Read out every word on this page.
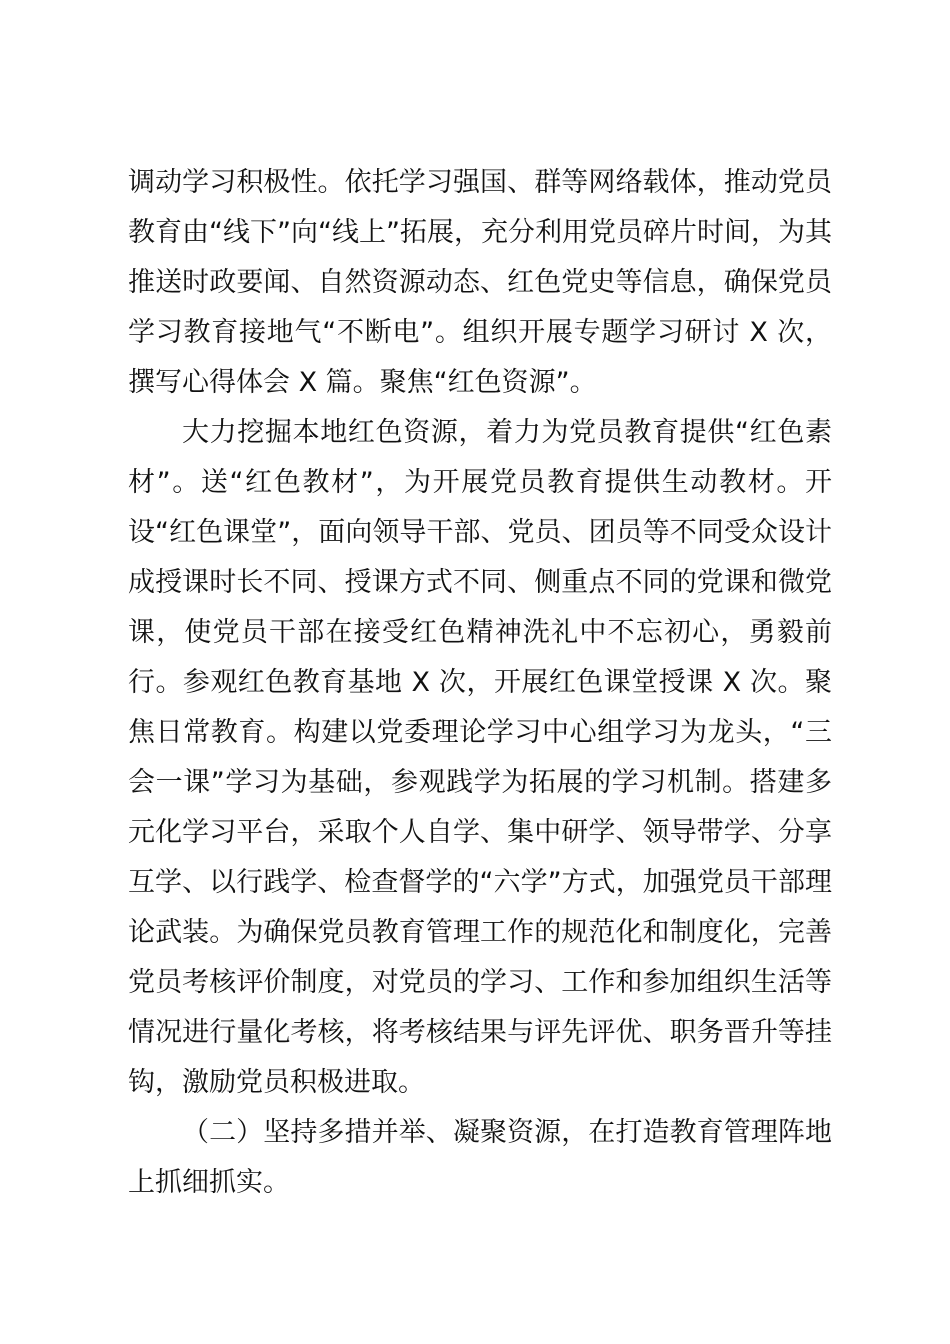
调动学习积极性。依托学习强国、群等网络载体，推动党员教育由“线下”向“线上”拓展，充分利用党员碎片时间，为其推送时政要闻、自然资源动态、红色党史等信息，确保党员学习教育接地气“不断电”。组织开展专题学习研讨 X 次，撰写心得体会 X 篇。聚焦“红色资源”。

大力挖掘本地红色资源，着力为党员教育提供“红色素材”。送“红色教材”，为开展党员教育提供生动教材。开设“红色课堂”，面向领导干部、党员、团员等不同受众设计成授课时长不同、授课方式不同、侧重点不同的党课和微党课，使党员干部在接受红色精神洗礼中不忘初心，勇毅前行。参观红色教育基地 X 次，开展红色课堂授课 X 次。聚焦日常教育。构建以党委理论学习中心组学习为龙头，“三会一课”学习为基础，参观践学为拓展的学习机制。搭建多元化学习平台，采取个人自学、集中研学、领导带学、分享互学、以行践学、检查督学的“六学”方式，加强党员干部理论武装。为确保党员教育管理工作的规范化和制度化，完善党员考核评价制度，对党员的学习、工作和参加组织生活等情况进行量化考核，将考核结果与评先评优、职务晋升等挂钩，激励党员积极进取。

（二）坚持多措并举、凝聚资源，在打造教育管理阵地上抓细抓实。
